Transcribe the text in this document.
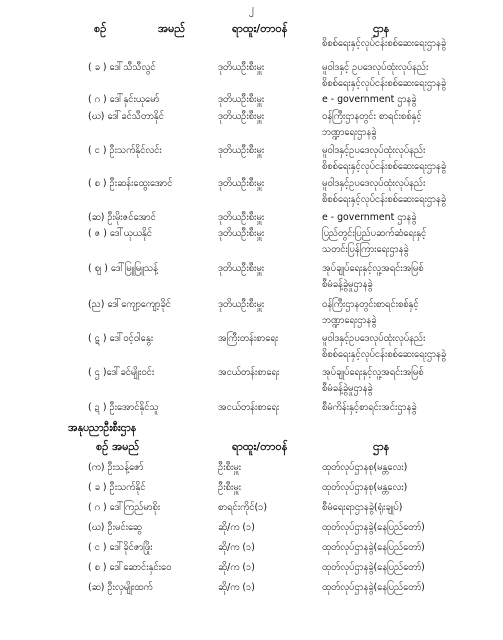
၂
စဉ်	အမည်	ရာထူး/တာဝန်	ဌာန
စိစစ်ရေးနှင့်လုပ်ငန်းစစ်ဆေးရေးဌာနခွဲ
( ခ ) ဒေါ်သီသီလွင်	ဒုတိယဦးစီးမှူး	မူဝါဒနှင့် ဥပဒေလုပ်ထုံးလုပ်နည်း
စိစစ်ရေးနှင့်လုပ်ငန်းစစ်ဆေးရေးဌာနခွဲ
( ဂ ) ဒေါ်နှင်းယုမော်	ဒုတိယဦးစီးမှူး	e - government ဌာနခွဲ
(ဃ) ဒေါ်ခင်သီတာနိုင်	ဒုတိယဦးစီးမှူး	ဝန်ကြီးဌာနတွင်း စာရင်းစစ်နှင့်
ဘဏ္ဍာရေးဌာနခွဲ
( င ) ဦးသက်နိုင်လင်း	ဒုတိယဦးစီးမှူး	မူဝါဒနှင့်ဥပဒေလုပ်ထုံးလုပ်နည်း
စိစစ်ရေးနှင့်လုပ်ငန်းစစ်ဆေးရေးဌာနခွဲ
( စ ) ဦးဆန်းထွေးအောင်	ဒုတိယဦးစီးမှူး	မူဝါဒနှင့်ဥပဒေလုပ်ထုံးလုပ်နည်း
စိစစ်ရေးနှင့်လုပ်ငန်းစစ်ဆေးရေးဌာနခွဲ
(ဆ) ဦးမိုးဇင်အောင်	ဒုတိယဦးစီးမှူး	e - government ဌာနခွဲ
( ဇ ) ဒေါ်ယုယနိုင်	ဒုတိယဦးစီးမှူး	ပြည်တွင်းပြည်ပဆက်ဆံရေးနှင့်
သတင်းပြန်ကြားရေးဌာနခွဲ
( ဈ ) ဒေါ်မြူမြူသန့်	ဒုတိယဦးစီးမှူး	အုပ်ချုပ်ရေးနှင့်လူ့အရင်းအမြစ်
စီမံခန့်ခွဲမှုဌာနခွဲ
(ည) ဒေါ်ကျော့ကျော့ခိုင်	ဒုတိယဦးစီးမှူး	ဝန်ကြီးဌာနတွင်းစာရင်းစစ်နှင့်
ဘဏ္ဍာရေးဌာနခွဲ
( ဋ ) ဒေါ်ဝင့်ဝါနွေး	အကြီးတန်းစာရေး	မူဝါဒနှင့်ဥပဒေလုပ်ထုံးလုပ်နည်း
စိစစ်ရေးနှင့်လုပ်ငန်းစစ်ဆေးရေးဌာနခွဲ
( ဌ )ဒေါ်ခင်မျိုးဝင်း	အငယ်တန်းစာရေး	အုပ်ချုပ်ရေးနှင့်လူ့အရင်းအမြစ်
စီမံခန့်ခွဲမှုဌာနခွဲ
( ဍ ) ဦးအောင်နိုင်သူ	အငယ်တန်းစာရေး	စီမံကိန်းနှင့်စာရင်းအင်းဌာနခွဲ
အနုပညာဦးစီးဌာန
စဉ် အမည်	ရာထူး/တာဝန်	ဌာန
(က) ဦးသန့်ဇော်	ဦးစီးမှူး	ထုတ်လုပ်ဌာနစု(မန္တလေး)
( ခ ) ဦးသက်နိုင်	ဦးစီးမှူး	ထုတ်လုပ်ဌာနစု(မန္တလေး)
( ဂ ) ဒေါ်ကြည်မာစိုး	စာရင်းကိုင်(၁)	စီမံရေးရာဌာနခွဲ(ရုံးချုပ်)
(ဃ) ဦးမင်းဆွေ	ဆို/က (၁)	ထုတ်လုပ်ဌာနခွဲ(နေပြည်တော်)
( င ) ဒေါ်ခိုင်ဇာဖြိုး	ဆို/က (၁)	ထုတ်လုပ်ဌာနခွဲ(နေပြည်တော်)
( စ ) ဒေါ်ဆောင်းနှင်းဝေ	ဆို/က (၁)	ထုတ်လုပ်ဌာနခွဲ(နေပြည်တော်)
(ဆ) ဦးလှမျိုးထက်	ဆို/က (၁)	ထုတ်လုပ်ဌာနခွဲ(နေပြည်တော်)
